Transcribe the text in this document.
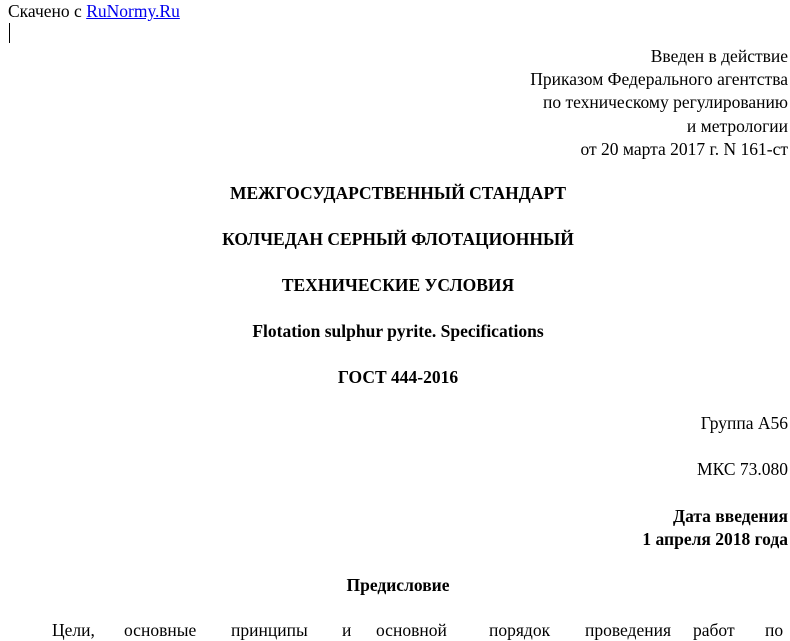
Скачено с RuNormy.Ru
Введен в действие
Приказом Федерального агентства
по техническому регулированию
и метрологии
от 20 марта 2017 г. N 161-ст
МЕЖГОСУДАРСТВЕННЫЙ СТАНДАРТ
КОЛЧЕДАН СЕРНЫЙ ФЛОТАЦИОННЫЙ
ТЕХНИЧЕСКИЕ УСЛОВИЯ
Flotation sulphur pyrite. Specifications
ГОСТ 444-2016
Группа А56
МКС 73.080
Дата введения
1 апреля 2018 года
Предисловие
Цели, основные принципы и основной порядок проведения работ по
